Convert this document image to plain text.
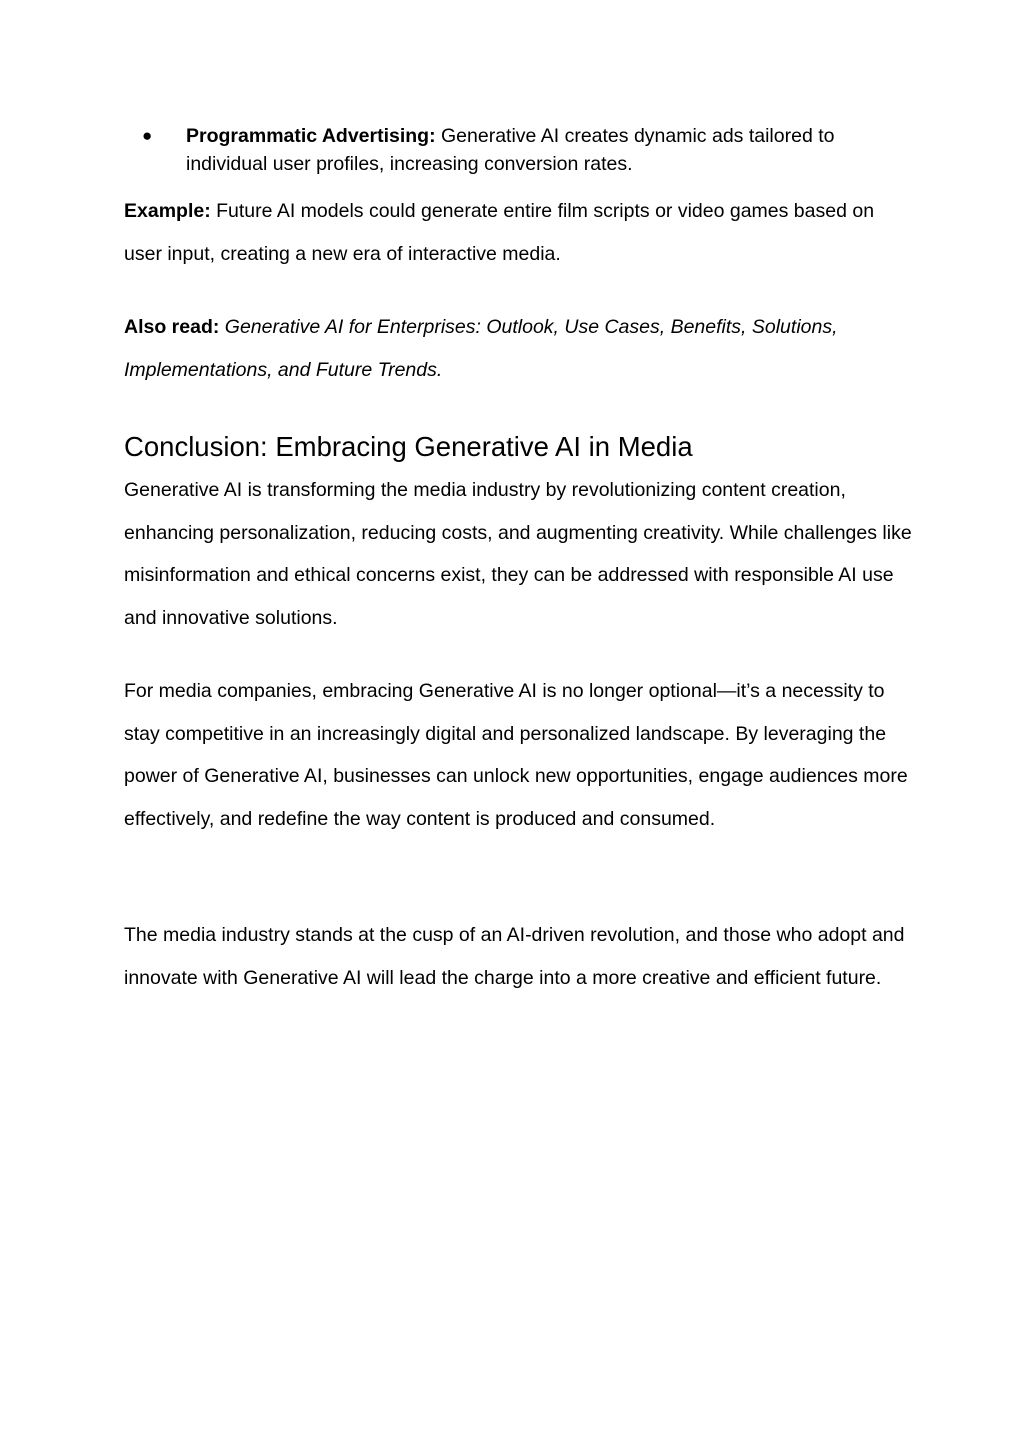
● Programmatic Advertising: Generative AI creates dynamic ads tailored to individual user profiles, increasing conversion rates.

Example: Future AI models could generate entire film scripts or video games based on user input, creating a new era of interactive media.

Also read: Generative AI for Enterprises: Outlook, Use Cases, Benefits, Solutions, Implementations, and Future Trends.

Conclusion: Embracing Generative AI in Media

Generative AI is transforming the media industry by revolutionizing content creation, enhancing personalization, reducing costs, and augmenting creativity. While challenges like misinformation and ethical concerns exist, they can be addressed with responsible AI use and innovative solutions.

For media companies, embracing Generative AI is no longer optional—it’s a necessity to stay competitive in an increasingly digital and personalized landscape. By leveraging the power of Generative AI, businesses can unlock new opportunities, engage audiences more effectively, and redefine the way content is produced and consumed.

The media industry stands at the cusp of an AI-driven revolution, and those who adopt and innovate with Generative AI will lead the charge into a more creative and efficient future.
